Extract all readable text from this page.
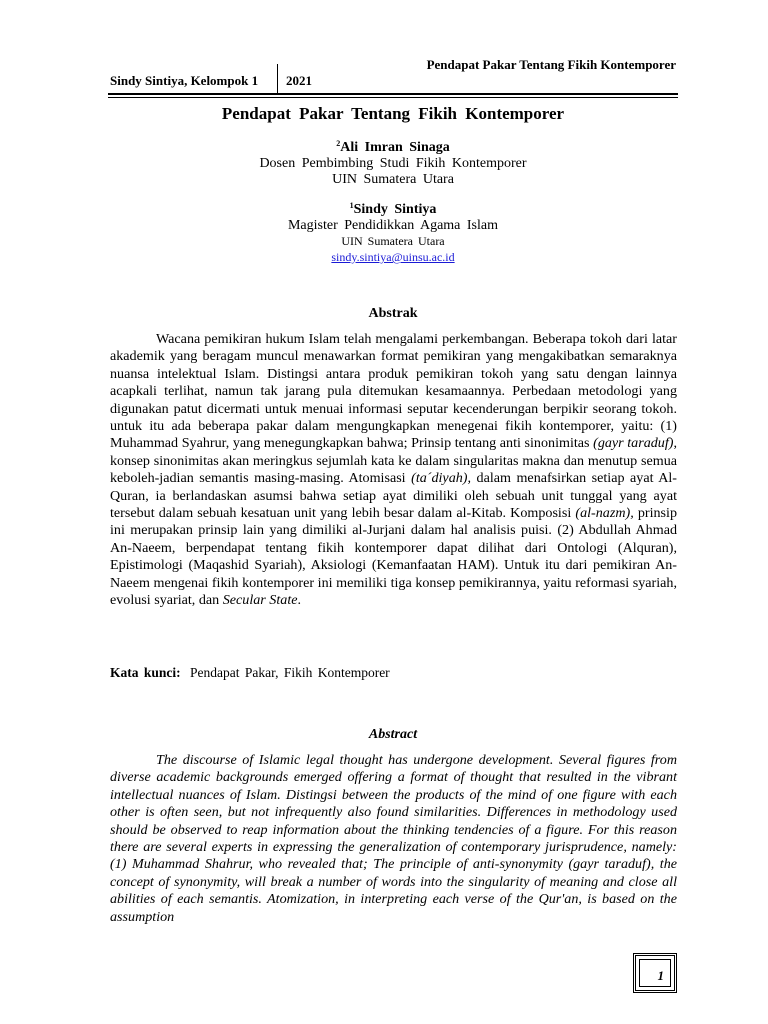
Pendapat Pakar Tentang Fikih Kontemporer
Sindy Sintiya, Kelompok 1 2021
Pendapat Pakar Tentang Fikih Kontemporer
$^2$Ali Imran Sinaga
Dosen Pembimbing Studi Fikih Kontemporer
UIN Sumatera Utara
$^1$Sindy Sintiya
Magister Pendidikkan Agama Islam
UIN Sumatera Utara
sindy.sintiya@uinsu.ac.id
Abstrak

Wacana pemikiran hukum Islam telah mengalami perkembangan. Beberapa tokoh dari latar akademik yang beragam muncul menawarkan format pemikiran yang mengakibatkan semaraknya nuansa intelektual Islam. Distingsi antara produk pemikiran tokoh yang satu dengan lainnya acapkali terlihat, namun tak jarang pula ditemukan kesamaannya. Perbedaan metodologi yang digunakan patut dicermati untuk menuai informasi seputar kecenderungan berpikir seorang tokoh. untuk itu ada beberapa pakar dalam mengungkapkan menegenai fikih kontemporer, yaitu: (1) Muhammad Syahrur, yang menegungkapkan bahwa; Prinsip tentang anti sinonimitas (gayr taraduf), konsep sinonimitas akan meringkus sejumlah kata ke dalam singularitas makna dan menutup semua keboleh-jadian semantis masing-masing. Atomisasi (ta´diyah), dalam menafsirkan setiap ayat Al-Quran, ia berlandaskan asumsi bahwa setiap ayat dimiliki oleh sebuah unit tunggal yang ayat tersebut dalam sebuah kesatuan unit yang lebih besar dalam al-Kitab. Komposisi (al-nazm), prinsip ini merupakan prinsip lain yang dimiliki al-Jurjani dalam hal analisis puisi. (2) Abdullah Ahmad An-Naeem, berpendapat tentang fikih kontemporer dapat dilihat dari Ontologi (Alquran), Epistimologi (Maqashid Syariah), Aksiologi (Kemanfaatan HAM). Untuk itu dari pemikiran An-Naeem mengenai fikih kontemporer ini memiliki tiga konsep pemikirannya, yaitu reformasi syariah, evolusi syariat, dan Secular State.

Kata kunci: Pendapat Pakar, Fikih Kontemporer
Abstract

The discourse of Islamic legal thought has undergone development. Several figures from diverse academic backgrounds emerged offering a format of thought that resulted in the vibrant intellectual nuances of Islam. Distingsi between the products of the mind of one figure with each other is often seen, but not infrequently also found similarities. Differences in methodology used should be observed to reap information about the thinking tendencies of a figure. For this reason there are several experts in expressing the generalization of contemporary jurisprudence, namely: (1) Muhammad Shahrur, who revealed that; The principle of anti-synonymity (gayr taraduf), the concept of synonymity, will break a number of words into the singularity of meaning and close all abilities of each semantis. Atomization, in interpreting each verse of the Qur'an, is based on the assumption

1
